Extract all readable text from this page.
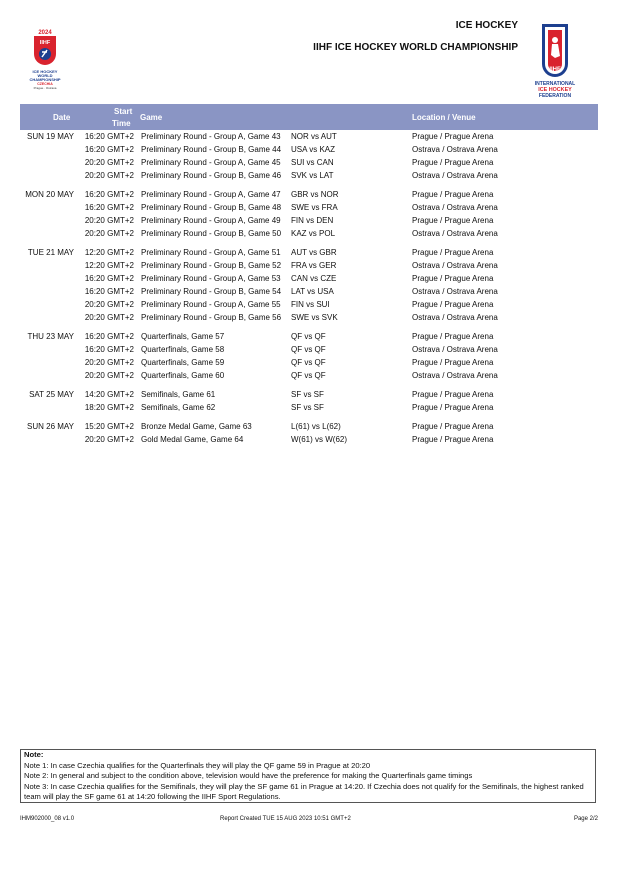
2024
IIHF
ICE HOCKEY
WORLD
CHAMPIONSHIP
CZECHIA
Prague · Ostrava
ICE HOCKEY
IIHF ICE HOCKEY WORLD CHAMPIONSHIP
IIHF
INTERNATIONAL
ICE HOCKEY
FEDERATION
Date
Start
Time
Game	Location / Venue
SUN 19 MAY	16:20 GMT+2 Preliminary Round - Group A, Game 43 NOR vs AUT	Prague / Prague Arena
16:20 GMT+2 Preliminary Round - Group B, Game 44 USA vs KAZ	Ostrava / Ostrava Arena
20:20 GMT+2 Preliminary Round - Group A, Game 45 SUI vs CAN	Prague / Prague Arena
20:20 GMT+2 Preliminary Round - Group B, Game 46 SVK vs LAT	Ostrava / Ostrava Arena
MON 20 MAY	16:20 GMT+2 Preliminary Round - Group A, Game 47 GBR vs NOR	Prague / Prague Arena
16:20 GMT+2 Preliminary Round - Group B, Game 48 SWE vs FRA	Ostrava / Ostrava Arena
20:20 GMT+2 Preliminary Round - Group A, Game 49 FIN vs DEN	Prague / Prague Arena
20:20 GMT+2 Preliminary Round - Group B, Game 50 KAZ vs POL	Ostrava / Ostrava Arena
TUE 21 MAY	12:20 GMT+2 Preliminary Round - Group A, Game 51 AUT vs GBR	Prague / Prague Arena
12:20 GMT+2 Preliminary Round - Group B, Game 52 FRA vs GER	Ostrava / Ostrava Arena
16:20 GMT+2 Preliminary Round - Group A, Game 53 CAN vs CZE	Prague / Prague Arena
16:20 GMT+2 Preliminary Round - Group B, Game 54 LAT vs USA	Ostrava / Ostrava Arena
20:20 GMT+2 Preliminary Round - Group A, Game 55 FIN vs SUI	Prague / Prague Arena
20:20 GMT+2 Preliminary Round - Group B, Game 56 SWE vs SVK	Ostrava / Ostrava Arena
THU 23 MAY	16:20 GMT+2 Quarterfinals, Game 57	QF vs QF	Prague / Prague Arena
16:20 GMT+2 Quarterfinals, Game 58	QF vs QF	Ostrava / Ostrava Arena
20:20 GMT+2 Quarterfinals, Game 59	QF vs QF	Prague / Prague Arena
20:20 GMT+2 Quarterfinals, Game 60	QF vs QF	Ostrava / Ostrava Arena
SAT 25 MAY	14:20 GMT+2 Semifinals, Game 61	SF vs SF	Prague / Prague Arena
18:20 GMT+2 Semifinals, Game 62	SF vs SF	Prague / Prague Arena
SUN 26 MAY	15:20 GMT+2 Bronze Medal Game, Game 63	L(61) vs L(62)	Prague / Prague Arena
20:20 GMT+2 Gold Medal Game, Game 64	W(61) vs W(62)	Prague / Prague Arena
Note:
Note 1: In case Czechia qualifies for the Quarterfinals they will play the QF game 59 in Prague at 20:20
Note 2: In general and subject to the condition above, television would have the preference for making the Quarterfinals game timings
Note 3: In case Czechia qualifies for the Semifinals, they will play the SF game 61 in Prague at 14:20. If Czechia does not qualify for the Semifinals, the highest ranked team will play the SF game 61 at 14:20 following the IIHF Sport Regulations.
IHM902000_08 v1.0	Report Created TUE 15 AUG 2023 10:51 GMT+2	Page 2/2
